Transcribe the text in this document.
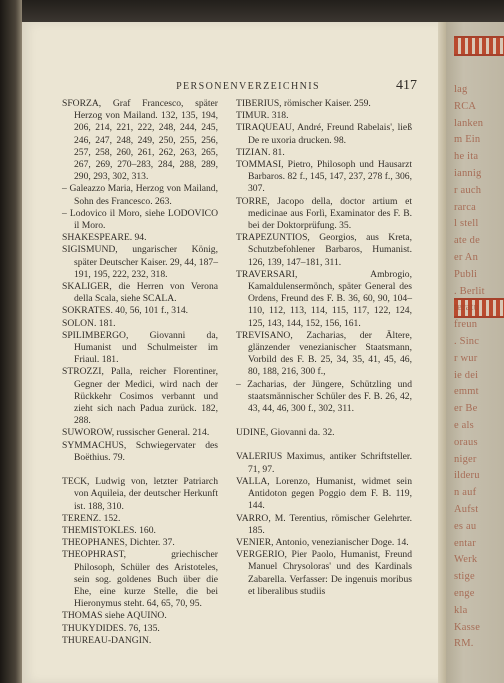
lag
RCA
lanken
m Ein
he ita
iannig
r auch
rarca
l stell
ate de
er An
Publi
. Berlit
teratu
freun
. Sinc
r wur
ie dei
emmt
er Be
e als
oraus
niger
ilderu
n auf
Aufst
es au
entar
Werk
stige
enge
kla
Kasse
RM.
PERSONENVERZEICHNIS	417
SFORZA, Graf Francesco, später Herzog von Mailand. 132, 135, 194, 206, 214, 221, 222, 248, 244, 245, 246, 247, 248, 249, 250, 255, 256, 257, 258, 260, 261, 262, 263, 265, 267, 269, 270–283, 284, 288, 289, 290, 293, 302, 313.
– Galeazzo Maria, Herzog von Mailand, Sohn des Francesco. 263.
– Lodovico il Moro, siehe LODOVICO il Moro.
SHAKESPEARE. 94.
SIGISMUND, ungarischer König, später Deutscher Kaiser. 29, 44, 187–191, 195, 222, 232, 318.
SKALIGER, die Herren von Verona della Scala, siehe SCALA.
SOKRATES. 40, 56, 101 f., 314.
SOLON. 181.
SPILIMBERGO, Giovanni da, Humanist und Schulmeister im Friaul. 181.
STROZZI, Palla, reicher Florentiner, Gegner der Medici, wird nach der Rückkehr Cosimos verbannt und zieht sich nach Padua zurück. 182, 288.
SUWOROW, russischer General. 214.
SYMMACHUS, Schwiegervater des Boëthius. 79.
TECK, Ludwig von, letzter Patriarch von Aquileia, der deutscher Herkunft ist. 188, 310.
TERENZ. 152.
THEMISTOKLES. 160.
THEOPHANES, Dichter. 37.
THEOPHRAST, griechischer Philosoph, Schüler des Aristoteles, sein sog. goldenes Buch über die Ehe, eine kurze Stelle, die bei Hieronymus steht. 64, 65, 70, 95.
THOMAS siehe AQUINO.
THUKYDIDES. 76, 135.
THUREAU-DANGIN.
TIBERIUS, römischer Kaiser. 259.
TIMUR. 318.
TIRAQUEAU, André, Freund Rabelais', ließ De re uxoria drucken. 98.
TIZIAN. 81.
TOMMASI, Pietro, Philosoph und Hausarzt Barbaros. 82 f., 145, 147, 237, 278 f., 306, 307.
TORRE, Jacopo della, doctor artium et medicinae aus Forlì, Examinator des F. B. bei der Doktorprüfung. 35.
TRAPEZUNTIOS, Georgios, aus Kreta, Schutzbefohlener Barbaros, Humanist. 126, 139, 147–181, 311.
TRAVERSARI, Ambrogio, Kamaldulensermönch, später General des Ordens, Freund des F. B. 36, 60, 90, 104–110, 112, 113, 114, 115, 117, 122, 124, 125, 143, 144, 152, 156, 161.
TREVISANO, Zacharias, der Ältere, glänzender venezianischer Staatsmann, Vorbild des F. B. 25, 34, 35, 41, 45, 46, 80, 188, 216, 300 f.,
– Zacharias, der Jüngere, Schützling und staatsmännischer Schüler des F. B. 26, 42, 43, 44, 46, 300 f., 302, 311.
UDINE, Giovanni da. 32.
VALERIUS Maximus, antiker Schriftsteller. 71, 97.
VALLA, Lorenzo, Humanist, widmet sein Antidoton gegen Poggio dem F. B. 119, 144.
VARRO, M. Terentius, römischer Gelehrter. 185.
VENIER, Antonio, venezianischer Doge. 14.
VERGERIO, Pier Paolo, Humanist, Freund Manuel Chrysoloras' und des Kardinals Zabarella. Verfasser: De ingenuis moribus et liberalibus studiis
